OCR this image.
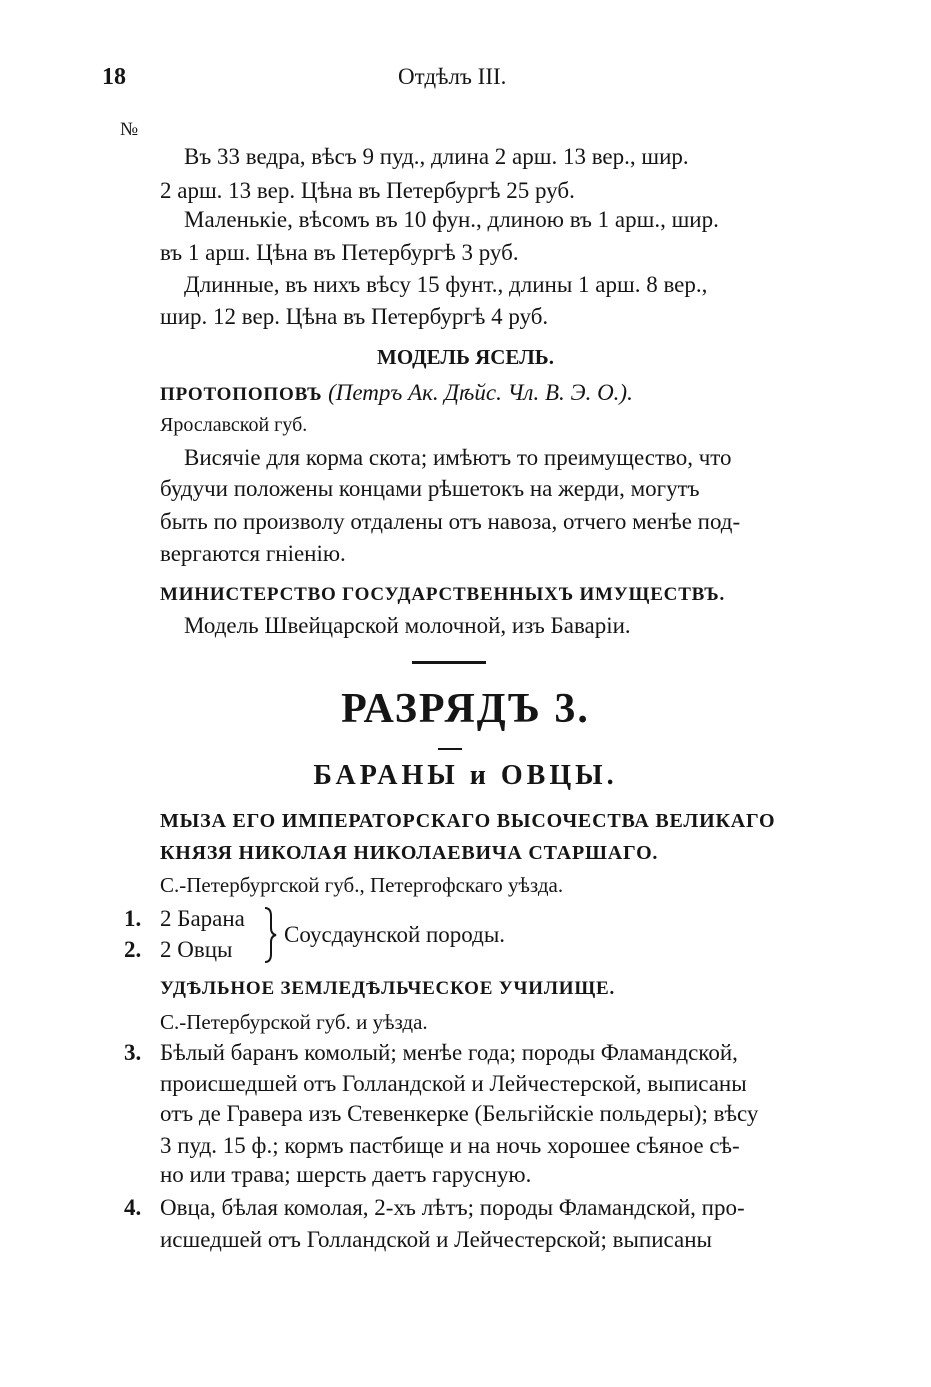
18	Отдѣлъ III.
№
Въ 33 ведра, вѣсъ 9 пуд., длина 2 арш. 13 вер., шир.
2 арш. 13 вер. Цѣна въ Петербургѣ 25 руб.
Маленькіе, вѣсомъ въ 10 фун., длиною въ 1 арш., шир.
въ 1 арш. Цѣна въ Петербургѣ 3 руб.
Длинные, въ нихъ вѣсу 15 фунт., длины 1 арш. 8 вер.,
шир. 12 вер. Цѣна въ Петербургѣ 4 руб.
МОДЕЛЬ ЯСЕЛЬ.
ПРОТОПОПОВЪ (Петръ Ак. Дѣйс. Чл. В. Э. О.).
Ярославской губ.
Висячіе для корма скота; имѣютъ то преимущество, что
будучи положены концами рѣшетокъ на жерди, могутъ
быть по произволу отдалены отъ навоза, отчего менѣе под-
вергаются гніенію.
МИНИСТЕРСТВО ГОСУДАРСТВЕННЫХЪ ИМУЩЕСТВЪ.
Модель Швейцарской молочной, изъ Баваріи.
РАЗРЯДЪ 3.
БАРАНЫ и ОВЦЫ.
МЫЗА ЕГО ИМПЕРАТОРСКАГО ВЫСОЧЕСТВА ВЕЛИКАГО
КНЯЗЯ НИКОЛАЯ НИКОЛАЕВИЧА СТАРШАГО.
С.-Петербургской губ., Петергофскаго уѣзда.
1. 2 Барана
2. 2 Овцы
Соусдаунской породы.
УДѢЛЬНОЕ ЗЕМЛЕДѢЛЬЧЕСКОЕ УЧИЛИЩЕ.
С.-Петербурской губ. и уѣзда.
3. Бѣлый баранъ комолый; менѣе года; породы Фламандской,
происшедшей отъ Голландской и Лейчестерской, выписаны
отъ де Гравера изъ Стевенкерке (Бельгійскіе польдеры); вѣсу
3 пуд. 15 ф.; кормъ пастбище и на ночь хорошее сѣяное сѣ-
но или трава; шерсть даетъ гарусную.
4. Овца, бѣлая комолая, 2-хъ лѣтъ; породы Фламандской, про-
исшедшей отъ Голландской и Лейчестерской; выписаны
